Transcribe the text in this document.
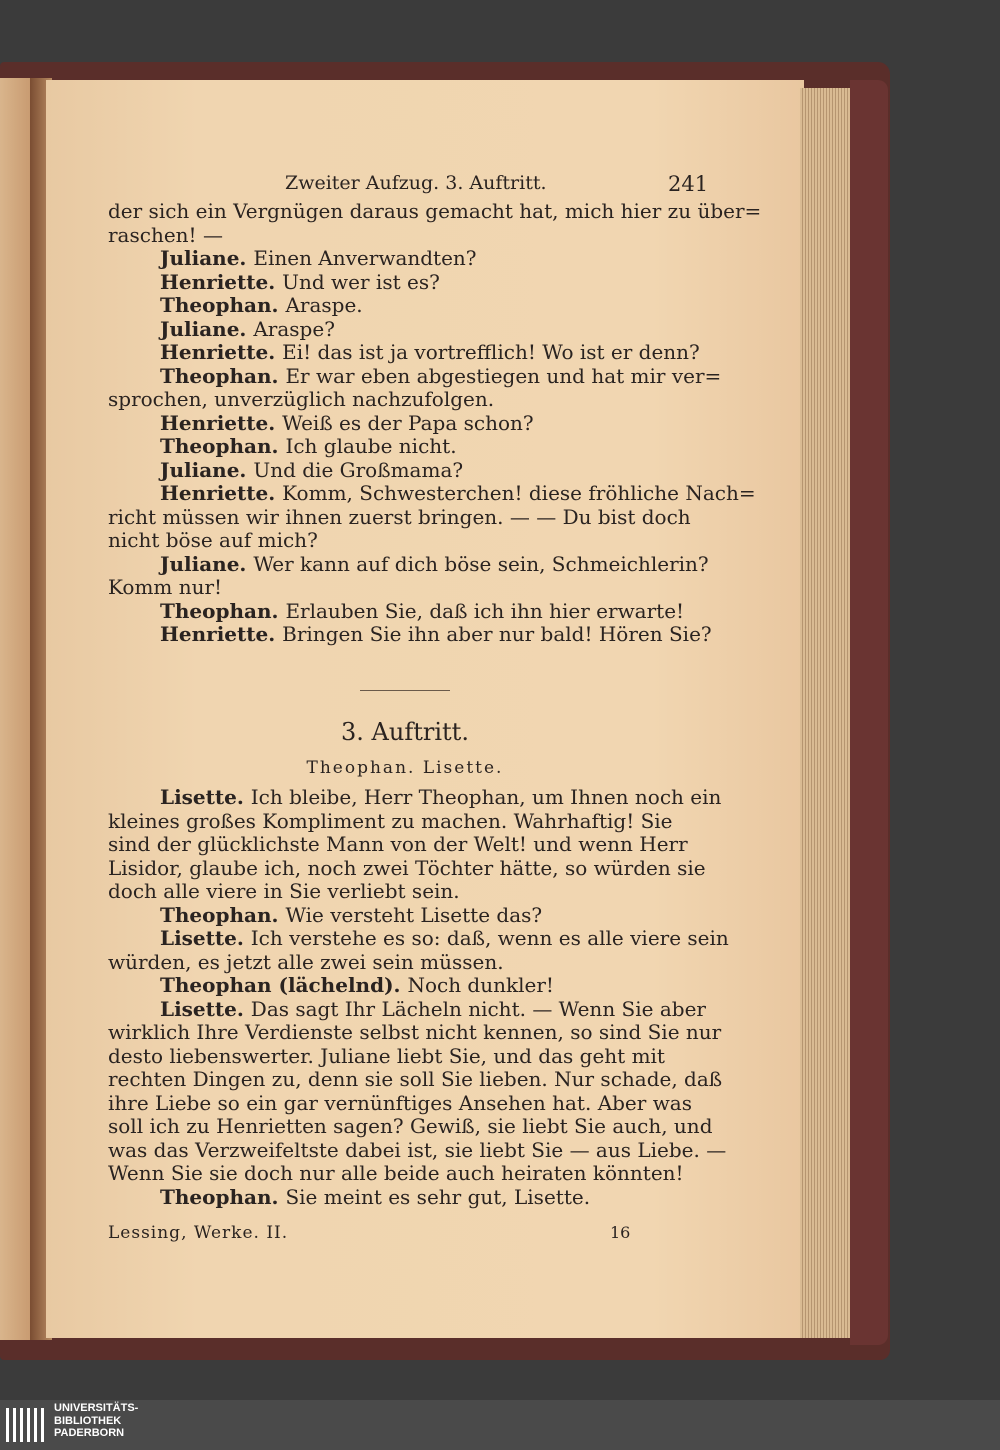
Zweiter Aufzug. 3. Auftritt.	241
3. Auftritt.
Theophan. Lisette.
Lessing, Werke. II.	16
UNIVERSITÄTS-
BIBLIOTHEK
PADERBORN
der sich ein Vergnügen daraus gemacht hat, mich hier zu über=
raschen! —
Juliane. Einen Anverwandten?
Henriette. Und wer ist es?
Theophan. Araspe.
Juliane. Araspe?
Henriette. Ei! das ist ja vortrefflich! Wo ist er denn?
Theophan. Er war eben abgestiegen und hat mir ver=
sprochen, unverzüglich nachzufolgen.
Henriette. Weiß es der Papa schon?
Theophan. Ich glaube nicht.
Juliane. Und die Großmama?
Henriette. Komm, Schwesterchen! diese fröhliche Nach=
richt müssen wir ihnen zuerst bringen. — — Du bist doch
nicht böse auf mich?
Juliane. Wer kann auf dich böse sein, Schmeichlerin?
Komm nur!
Theophan. Erlauben Sie, daß ich ihn hier erwarte!
Henriette. Bringen Sie ihn aber nur bald! Hören Sie?
Lisette. Ich bleibe, Herr Theophan, um Ihnen noch ein
kleines großes Kompliment zu machen. Wahrhaftig! Sie
sind der glücklichste Mann von der Welt! und wenn Herr
Lisidor, glaube ich, noch zwei Töchter hätte, so würden sie
doch alle viere in Sie verliebt sein.
Theophan. Wie versteht Lisette das?
Lisette. Ich verstehe es so: daß, wenn es alle viere sein
würden, es jetzt alle zwei sein müssen.
Theophan (lächelnd). Noch dunkler!
Lisette. Das sagt Ihr Lächeln nicht. — Wenn Sie aber
wirklich Ihre Verdienste selbst nicht kennen, so sind Sie nur
desto liebenswerter. Juliane liebt Sie, und das geht mit
rechten Dingen zu, denn sie soll Sie lieben. Nur schade, daß
ihre Liebe so ein gar vernünftiges Ansehen hat. Aber was
soll ich zu Henrietten sagen? Gewiß, sie liebt Sie auch, und
was das Verzweifeltste dabei ist, sie liebt Sie — aus Liebe. —
Wenn Sie sie doch nur alle beide auch heiraten könnten!
Theophan. Sie meint es sehr gut, Lisette.
